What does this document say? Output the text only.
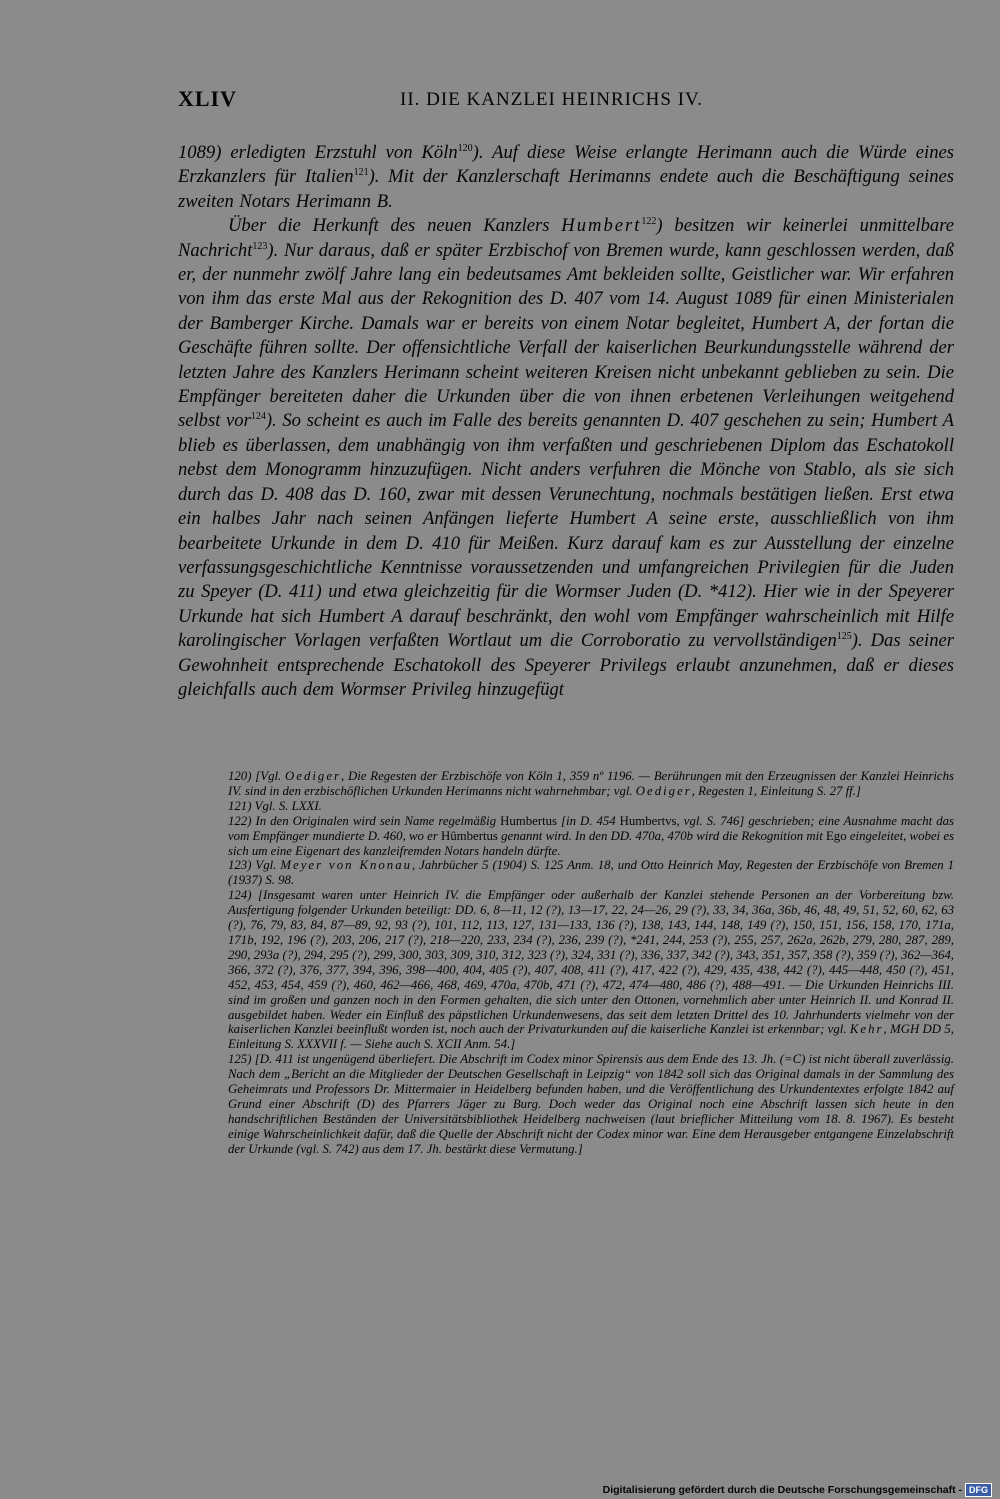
XLIV	II. DIE KANZLEI HEINRICHS IV.

1089) erledigten Erzstuhl von Köln$^{120}$). Auf diese Weise erlangte Herimann auch die Würde eines Erzkanzlers für Italien$^{121}$). Mit der Kanzlerschaft Herimanns endete auch die Beschäftigung seines zweiten Notars Herimann B.

Über die Herkunft des neuen Kanzlers Humbert$^{122}$) besitzen wir keinerlei unmittelbare Nachricht$^{123}$). Nur daraus, daß er später Erzbischof von Bremen wurde, kann geschlossen werden, daß er, der nunmehr zwölf Jahre lang ein bedeutsames Amt bekleiden sollte, Geistlicher war. Wir erfahren von ihm das erste Mal aus der Rekognition des D. 407 vom 14. August 1089 für einen Ministerialen der Bamberger Kirche. Damals war er bereits von einem Notar begleitet, Humbert A, der fortan die Geschäfte führen sollte. Der offensichtliche Verfall der kaiserlichen Beurkundungsstelle während der letzten Jahre des Kanzlers Herimann scheint weiteren Kreisen nicht unbekannt geblieben zu sein. Die Empfänger bereiteten daher die Urkunden über die von ihnen erbetenen Verleihungen weitgehend selbst vor$^{124}$). So scheint es auch im Falle des bereits genannten D. 407 geschehen zu sein; Humbert A blieb es überlassen, dem unabhängig von ihm verfaßten und geschriebenen Diplom das Eschatokoll nebst dem Monogramm hinzuzufügen. Nicht anders verfuhren die Mönche von Stablo, als sie sich durch das D. 408 das D. 160, zwar mit dessen Verunechtung, nochmals bestätigen ließen. Erst etwa ein halbes Jahr nach seinen Anfängen lieferte Humbert A seine erste, ausschließlich von ihm bearbeitete Urkunde in dem D. 410 für Meißen. Kurz darauf kam es zur Ausstellung der einzelne verfassungsgeschichtliche Kenntnisse voraussetzenden und umfangreichen Privilegien für die Juden zu Speyer (D. 411) und etwa gleichzeitig für die Wormser Juden (D. *412). Hier wie in der Speyerer Urkunde hat sich Humbert A darauf beschränkt, den wohl vom Empfänger wahrscheinlich mit Hilfe karolingischer Vorlagen verfaßten Wortlaut um die Corroboratio zu vervollständigen$^{125}$). Das seiner Gewohnheit entsprechende Eschatokoll des Speyerer Privilegs erlaubt anzunehmen, daß er dieses gleichfalls auch dem Wormser Privileg hinzugefügt

120) [Vgl. Oediger, Die Regesten der Erzbischöfe von Köln 1, 359 nº 1196. — Berührungen mit den Erzeugnissen der Kanzlei Heinrichs IV. sind in den erzbischöflichen Urkunden Herimanns nicht wahrnehmbar; vgl. Oediger, Regesten 1, Einleitung S. 27 ff.]

121) Vgl. S. LXXI.

122) In den Originalen wird sein Name regelmäßig Humbertus [in D. 454 Humbertvs, vgl. S. 746] geschrieben; eine Ausnahme macht das vom Empfänger mundierte D. 460, wo er Hûmbertus genannt wird. In den DD. 470a, 470b wird die Rekognition mit Ego eingeleitet, wobei es sich um eine Eigenart des kanzleifremden Notars handeln dürfte.

123) Vgl. Meyer von Knonau, Jahrbücher 5 (1904) S. 125 Anm. 18, und Otto Heinrich May, Regesten der Erzbischöfe von Bremen 1 (1937) S. 98.

124) [Insgesamt waren unter Heinrich IV. die Empfänger oder außerhalb der Kanzlei stehende Personen an der Vorbereitung bzw. Ausfertigung folgender Urkunden beteiligt: DD. 6, 8—11, 12 (?), 13—17, 22, 24—26, 29 (?), 33, 34, 36a, 36b, 46, 48, 49, 51, 52, 60, 62, 63 (?), 76, 79, 83, 84, 87—89, 92, 93 (?), 101, 112, 113, 127, 131—133, 136 (?), 138, 143, 144, 148, 149 (?), 150, 151, 156, 158, 170, 171a, 171b, 192, 196 (?), 203, 206, 217 (?), 218—220, 233, 234 (?), 236, 239 (?), *241, 244, 253 (?), 255, 257, 262a, 262b, 279, 280, 287, 289, 290, 293a (?), 294, 295 (?), 299, 300, 303, 309, 310, 312, 323 (?), 324, 331 (?), 336, 337, 342 (?), 343, 351, 357, 358 (?), 359 (?), 362—364, 366, 372 (?), 376, 377, 394, 396, 398—400, 404, 405 (?), 407, 408, 411 (?), 417, 422 (?), 429, 435, 438, 442 (?), 445—448, 450 (?), 451, 452, 453, 454, 459 (?), 460, 462—466, 468, 469, 470a, 470b, 471 (?), 472, 474—480, 486 (?), 488—491. — Die Urkunden Heinrichs III. sind im großen und ganzen noch in den Formen gehalten, die sich unter den Ottonen, vornehmlich aber unter Heinrich II. und Konrad II. ausgebildet haben. Weder ein Einfluß des päpstlichen Urkundenwesens, das seit dem letzten Drittel des 10. Jahrhunderts vielmehr von der kaiserlichen Kanzlei beeinflußt worden ist, noch auch der Privaturkunden auf die kaiserliche Kanzlei ist erkennbar; vgl. Kehr, MGH DD 5, Einleitung S. XXXVII f. — Siehe auch S. XCII Anm. 54.]

125) [D. 411 ist ungenügend überliefert. Die Abschrift im Codex minor Spirensis aus dem Ende des 13. Jh. (=C) ist nicht überall zuverlässig. Nach dem „Bericht an die Mitglieder der Deutschen Gesellschaft in Leipzig“ von 1842 soll sich das Original damals in der Sammlung des Geheimrats und Professors Dr. Mittermaier in Heidelberg befunden haben, und die Veröffentlichung des Urkundentextes erfolgte 1842 auf Grund einer Abschrift (D) des Pfarrers Jäger zu Burg. Doch weder das Original noch eine Abschrift lassen sich heute in den handschriftlichen Beständen der Universitätsbibliothek Heidelberg nachweisen (laut brieflicher Mitteilung vom 18. 8. 1967). Es besteht einige Wahrscheinlichkeit dafür, daß die Quelle der Abschrift nicht der Codex minor war. Eine dem Herausgeber entgangene Einzelabschrift der Urkunde (vgl. S. 742) aus dem 17. Jh. bestärkt diese Vermutung.]

Digitalisierung gefördert durch die Deutsche Forschungsgemeinschaft - DFG
